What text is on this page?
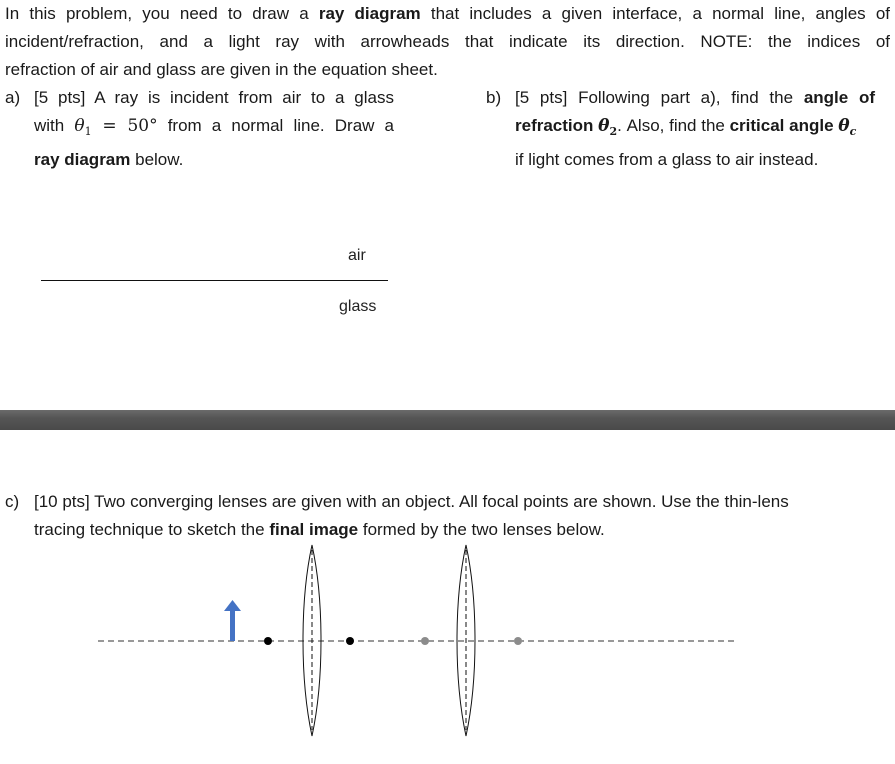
In this problem, you need to draw a ray diagram that includes a given interface, a normal line, angles of
incident/refraction, and a light ray with arrowheads that indicate its direction. NOTE: the indices of
refraction of air and glass are given in the equation sheet.
a) [5 pts] A ray is incident from air to a glass
with $\theta_1 = 50^\circ$ from a normal line. Draw a
ray diagram below.
b) [5 pts] Following part a), find the angle of
refraction $\theta_2$. Also, find the critical angle $\theta_c$
if light comes from a glass to air instead.
air
glass
c) [10 pts] Two converging lenses are given with an object. All focal points are shown. Use the thin-lens
tracing technique to sketch the final image formed by the two lenses below.
